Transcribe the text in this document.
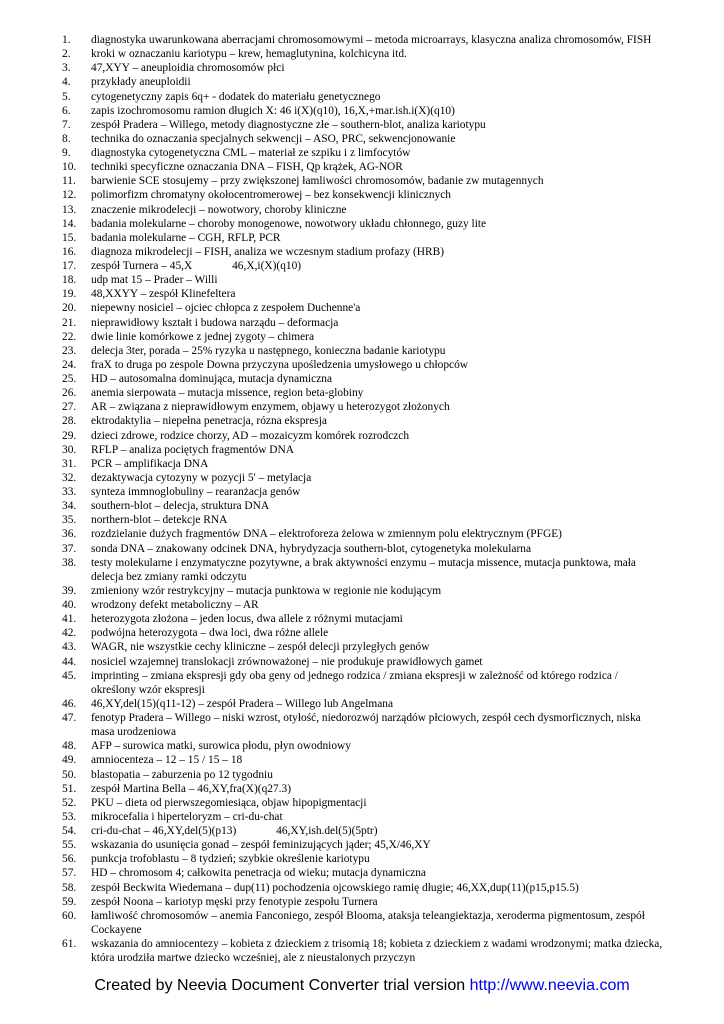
1.	diagnostyka uwarunkowana aberracjami chromosomowymi – metoda microarrays, klasyczna analiza chromosomów, FISH
2.	kroki w oznaczaniu kariotypu – krew, hemaglutynina, kolchicyna itd.
3.	47,XYY – aneuploidia chromosomów płci
4.	przykłady aneuploidii
5.	cytogenetyczny zapis 6q+ - dodatek do materiału genetycznego
6.	zapis izochromosomu ramion długich X: 46 i(X)(q10), 16,X,+mar.ish.i(X)(q10)
7.	zespół Pradera – Willego, metody diagnostyczne złe – southern-blot, analiza kariotypu
8.	technika do oznaczania specjalnych sekwencji – ASO, PRC, sekwencjonowanie
9.	diagnostyka cytogenetyczna CML – materiał ze szpiku i z limfocytów
10.	techniki specyficzne oznaczania DNA – FISH, Qp krążek, AG-NOR
11.	barwienie SCE stosujemy – przy zwiększonej łamliwości chromosomów, badanie zw mutagennych
12.	polimorfizm chromatyny okołocentromerowej – bez konsekwencji klinicznych
13.	znaczenie mikrodelecji – nowotwory, choroby kliniczne
14.	badania molekularne – choroby monogenowe, nowotwory układu chłonnego, guzy lite
15.	badania molekularne – CGH, RFLP, PCR
16.	diagnoza mikrodelecji – FISH, analiza we wczesnym stadium profazy (HRB)
17.	zespół Turnera – 45,X              46,X,i(X)(q10)
18.	udp mat 15 – Prader – Willi
19.	48,XXYY – zespół Klinefeltera
20.	niepewny nosiciel – ojciec chłopca z zespołem Duchenne'a
21.	nieprawidłowy kształt i budowa narządu – deformacja
22.	dwie linie komórkowe z jednej zygoty – chimera
23.	delecja 3ter, porada – 25% ryzyka u następnego, konieczna badanie kariotypu
24.	fraX to druga po zespole Downa przyczyna upośledzenia umysłowego u chłopców
25.	HD – autosomalna dominująca, mutacja dynamiczna
26.	anemia sierpowata – mutacja missence, region beta-globiny
27.	AR – związana z nieprawidłowym enzymem, objawy u heterozygot złożonych
28.	ektrodaktylia – niepełna penetracja, rózna ekspresja
29.	dzieci zdrowe, rodzice chorzy, AD – mozaicyzm komórek rozrodczch
30.	RFLP – analiza pociętych fragmentów DNA
31.	PCR – amplifikacja DNA
32.	dezaktywacja cytozyny w pozycji 5' – metylacja
33.	synteza immnoglobuliny – rearanżacja genów
34.	southern-blot – delecja, struktura DNA
35.	northern-blot – detekcje RNA
36.	rozdzielanie dużych fragmentów DNA – elektroforeza żelowa w zmiennym polu elektrycznym (PFGE)
37.	sonda DNA – znakowany odcinek DNA, hybrydyzacja southern-blot, cytogenetyka molekularna
38.	testy molekularne i enzymatyczne pozytywne, a brak aktywności enzymu – mutacja missence, mutacja punktowa, mała delecja bez zmiany ramki odczytu
39.	zmieniony wzór restrykcyjny – mutacja punktowa w regionie nie kodującym
40.	wrodzony defekt metaboliczny – AR
41.	heterozygota złożona – jeden locus, dwa allele z różnymi mutacjami
42.	podwójna heterozygota – dwa loci, dwa różne allele
43.	WAGR, nie wszystkie cechy kliniczne – zespół delecji przyległych genów
44.	nosiciel wzajemnej translokacji zrównoważonej – nie produkuje prawidłowych gamet
45.	imprinting – zmiana ekspresji gdy oba geny od jednego rodzica / zmiana ekspresji w zależność od którego rodzica / określony wzór ekspresji
46.	46,XY,del(15)(q11-12) – zespół Pradera – Willego lub Angelmana
47.	fenotyp Pradera – Willego – niski wzrost, otyłość, niedorozwój narządów płciowych, zespół cech dysmorficznych, niska masa urodzeniowa
48.	AFP – surowica matki, surowica płodu, płyn owodniowy
49.	amniocenteza – 12 – 15 / 15 – 18
50.	blastopatia – zaburzenia po 12 tygodniu
51.	zespół Martina Bella – 46,XY,fra(X)(q27.3)
52.	PKU – dieta od pierwszegomiesiąca, objaw hipopigmentacji
53.	mikrocefalia i hiperteloryzm – cri-du-chat
54.	cri-du-chat – 46,XY,del(5)(p13)              46,XY,ish.del(5)(5ptr)
55.	wskazania do usunięcia gonad – zespół feminizujących jąder; 45,X/46,XY
56.	punkcja trofoblastu – 8 tydzień; szybkie określenie kariotypu
57.	HD – chromosom 4; całkowita penetracja od wieku; mutacja dynamiczna
58.	zespół Beckwita Wiedemana – dup(11) pochodzenia ojcowskiego ramię długie; 46,XX,dup(11)(p15,p15.5)
59.	zespół Noona – kariotyp męski przy fenotypie zespołu Turnera
60.	łamliwość chromosomów – anemia Fanconiego, zespół Blooma, ataksja teleangiektazja, xeroderma pigmentosum, zespół Cockayene
61.	wskazania do amniocentezy – kobieta z dzieckiem z trisomią 18; kobieta z dzieckiem z wadami wrodzonymi; matka dziecka, która urodziła martwe dziecko wcześniej, ale z nieustalonych przyczyn
Created by Neevia Document Converter trial version http://www.neevia.com
